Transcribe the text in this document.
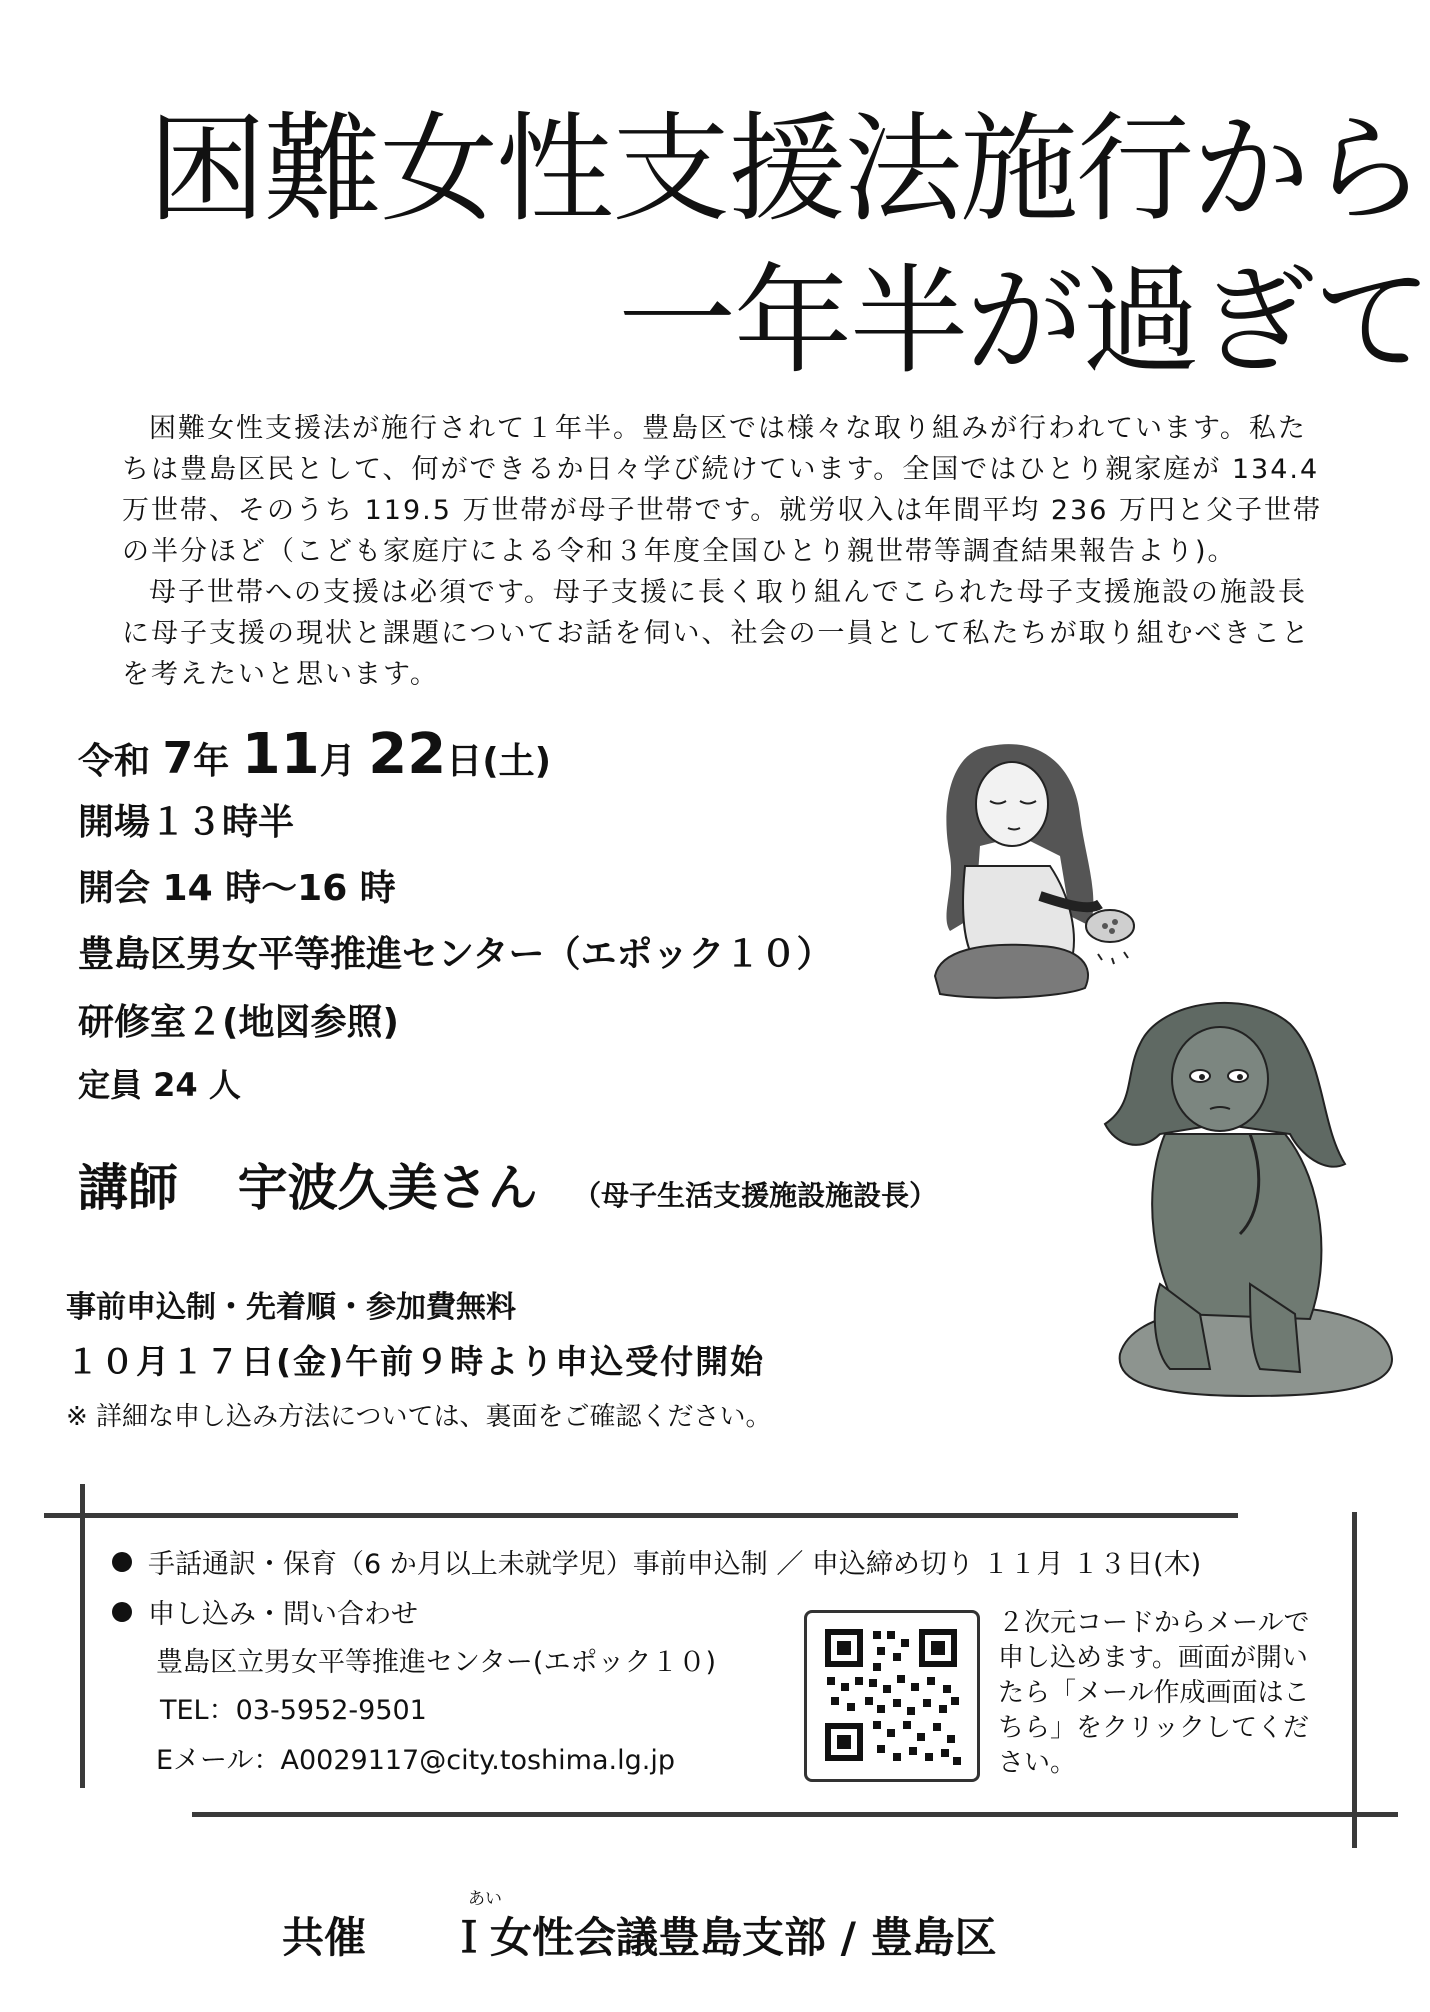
困難女性支援法施行から
一年半が過ぎて

困難女性支援法が施行されて１年半。豊島区では様々な取り組みが行われています。私たちは豊島区民として、何ができるか日々学び続けています。全国ではひとり親家庭が 134.4 万世帯、そのうち 119.5 万世帯が母子世帯です。就労収入は年間平均 236 万円と父子世帯の半分ほど（こども家庭庁による令和３年度全国ひとり親世帯等調査結果報告より)。

母子世帯への支援は必須です。母子支援に長く取り組んでこられた母子支援施設の施設長に母子支援の現状と課題についてお話を伺い、社会の一員として私たちが取り組むべきことを考えたいと思います。

令和 7年 11月 22日(土)
開場１３時半
開会 14 時～16 時
豊島区男女平等推進センター（エポック１０）
研修室２(地図参照)
定員 24 人
講師 宇波久美さん （母子生活支援施設施設長）
事前申込制・先着順・参加費無料
１０月１７日(金)午前９時より申込受付開始
※ 詳細な申し込み方法については、裏面をご確認ください。
手話通訳・保育（6 か月以上未就学児）事前申込制 ／ 申込締め切り １１月 １３日(木)
申し込み・問い合わせ
豊島区立男女平等推進センター(エポック１０)
TEL：03-5952-9501
Eメール：A0029117@city.toshima.lg.jp
２次元コードからメールで申し込めます。画面が開いたら「メール作成画面はこちら」をクリックしてください。
あい
共催 Ｉ女性会議豊島支部 / 豊島区
